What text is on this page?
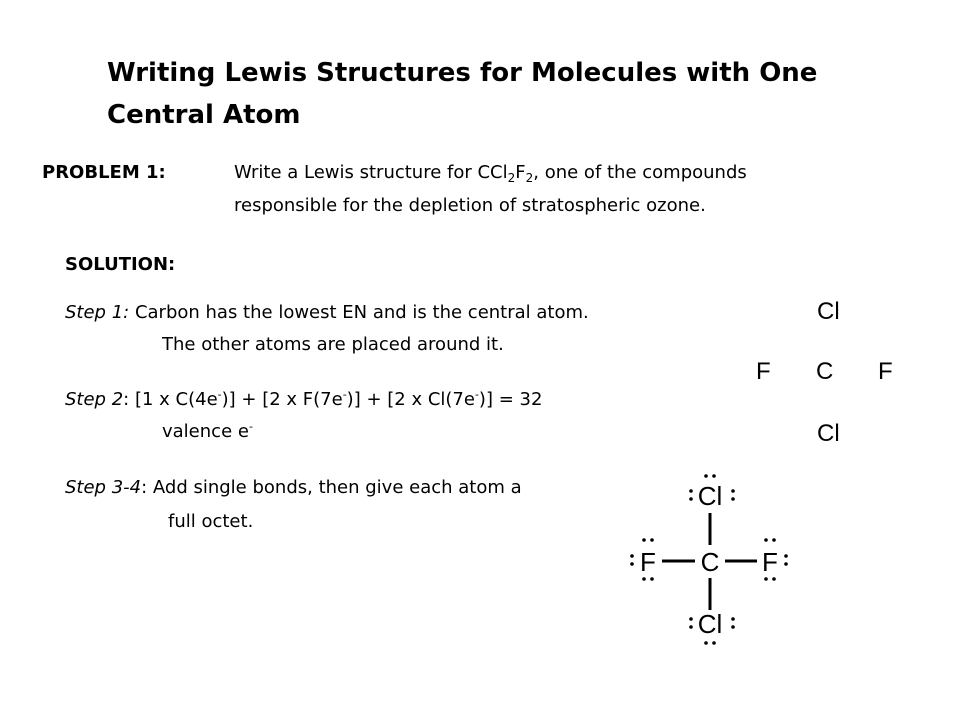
Writing Lewis Structures for Molecules with One Central Atom
PROBLEM 1:	Write a Lewis structure for $CCl_2F_2$, one of the compounds
responsible for the depletion of stratospheric ozone.
SOLUTION:
Step 1: Carbon has the lowest EN and is the central atom.
The other atoms are placed around it.
Step 2: [1 x C(4e-)] + [2 x F(7e-)] + [2 x Cl(7e-)] = 32
valence e-
Step 3-4: Add single bonds, then give each atom a
full octet.
Cl
F C F
Cl
Cl
C
F	F
Cl
